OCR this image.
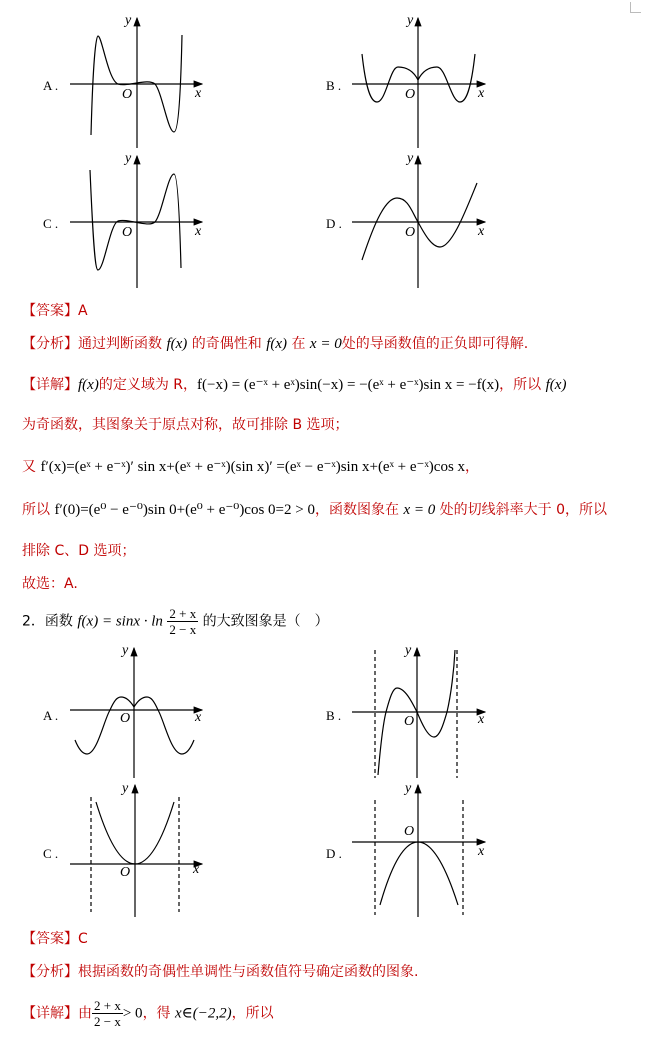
A .	B .
C .	D .
y
O	x
y
O	x
y
O	x
y
O	x
【答案】A
【分析】通过判断函数 f(x) 的奇偶性和 f(x) 在 x = 0处的导函数值的正负即可得解.
【详解】f(x)的定义域为 R，f(−x) = (e⁻ˣ + eˣ)sin(−x) = −(eˣ + e⁻ˣ)sin x = −f(x)，所以 f(x)
为奇函数，其图象关于原点对称，故可排除 B 选项；
又 f′(x)=(eˣ + e⁻ˣ)′ sin x+(eˣ + e⁻ˣ)(sin x)′ =(eˣ − e⁻ˣ)sin x+(eˣ + e⁻ˣ)cos x，
所以 f′(0)=(e⁰ − e⁻⁰)sin 0+(e⁰ + e⁻⁰)cos 0=2 > 0，函数图象在 x = 0 处的切线斜率大于 0，所以
排除 C、D 选项；
故选：A.
2．函数 $f(x) = \sin x \cdot \ln \frac{2 + x}{2 - x}$ 的大致图象是（　）
A .	B .
C .	D .
y
O	x
y
O	x
y
O	x
y
O
x
【答案】C
【分析】根据函数的奇偶性单调性与函数值符号确定函数的图象.
【详解】由 $\frac{2 + x}{2 - x} > 0$，得 x∈(−2,2)，所以
